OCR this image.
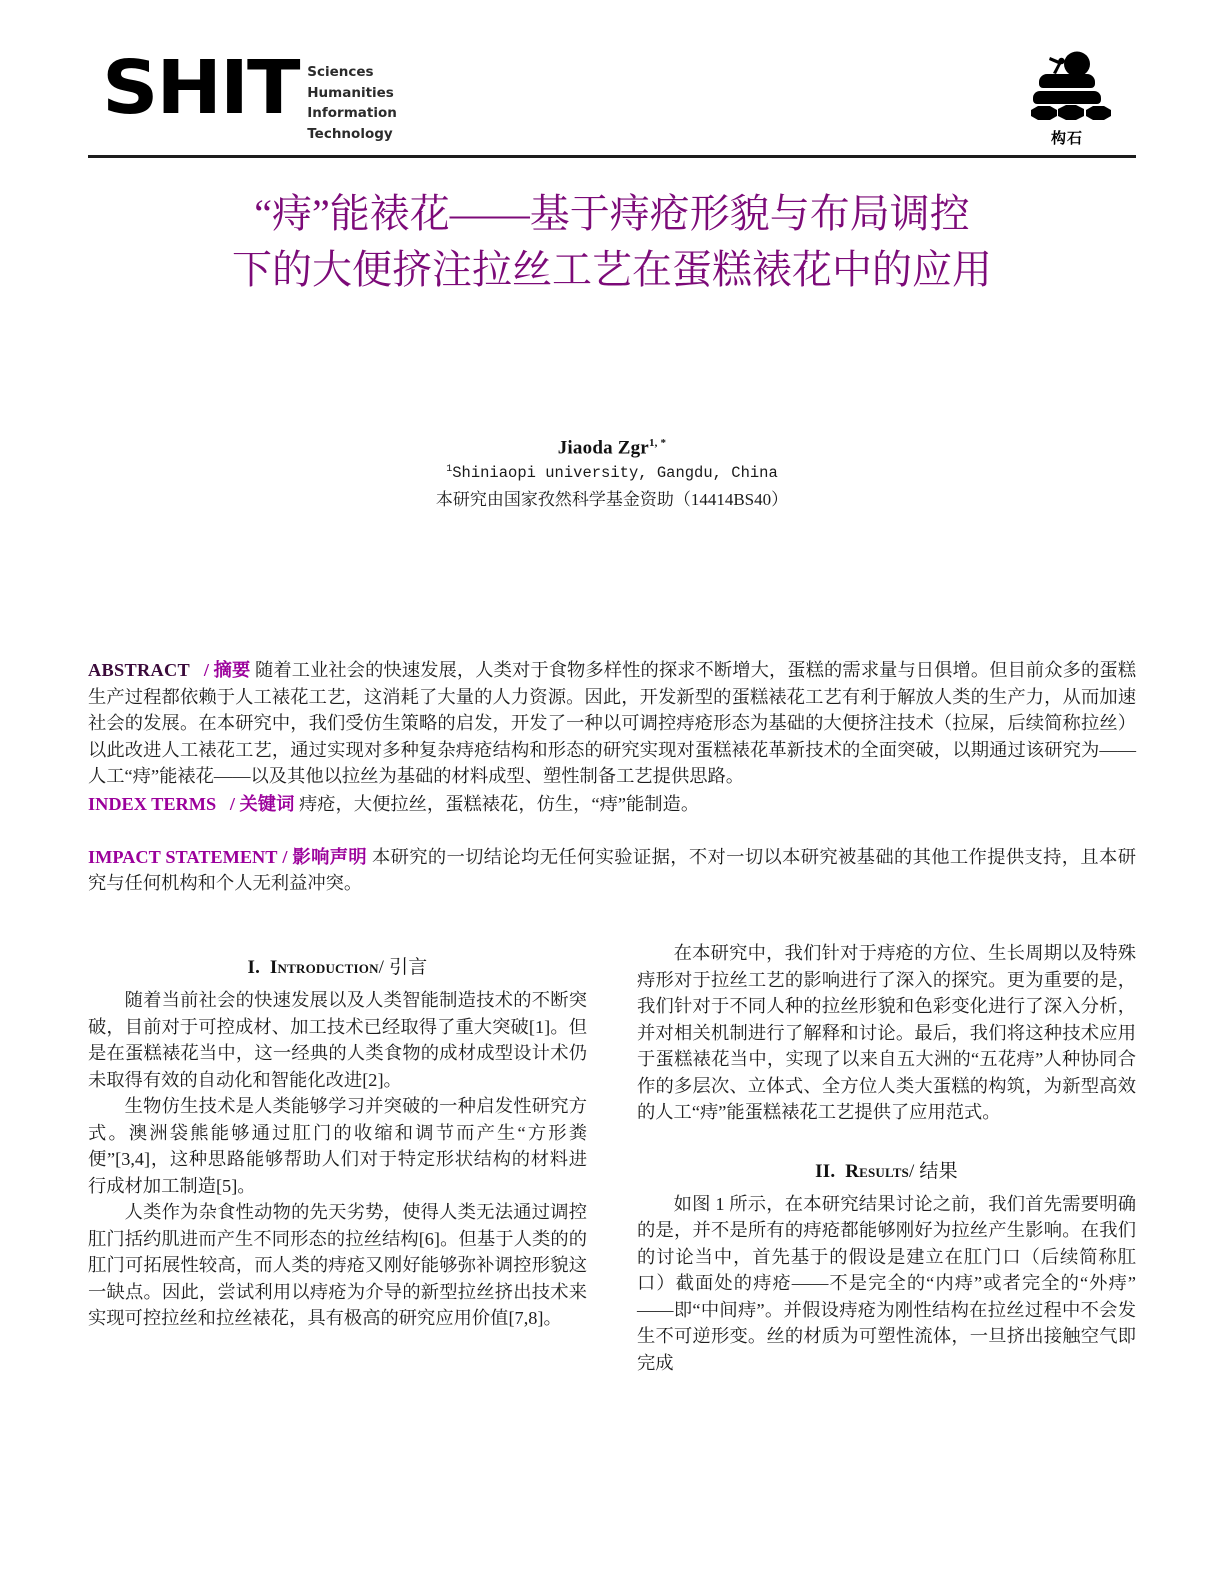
SHIT Sciences
Humanities
Information
Technology	构石
“痔”能裱花——基于痔疮形貌与布局调控
下的大便挤注拉丝工艺在蛋糕裱花中的应用
Jiaoda Zgr$^{1, *}$
$^1$Shiniaopi university, Gangdu, China
本研究由国家孜然科学基金资助（14414BS40）

ABSTRACT / 摘要 随着工业社会的快速发展，人类对于食物多样性的探求不断增大，蛋糕的需求量与日俱增。但目前众多的蛋糕生产过程都依赖于人工裱花工艺，这消耗了大量的人力资源。因此，开发新型的蛋糕裱花工艺有利于解放人类的生产力，从而加速社会的发展。在本研究中，我们受仿生策略的启发，开发了一种以可调控痔疮形态为基础的大便挤注技术（拉屎，后续简称拉丝）以此改进人工裱花工艺，通过实现对多种复杂痔疮结构和形态的研究实现对蛋糕裱花革新技术的全面突破，以期通过该研究为——人工“痔”能裱花——以及其他以拉丝为基础的材料成型、塑性制备工艺提供思路。

INDEX TERMS / 关键词 痔疮，大便拉丝，蛋糕裱花，仿生，“痔”能制造。

IMPACT STATEMENT / 影响声明 本研究的一切结论均无任何实验证据，不对一切以本研究被基础的其他工作提供支持，且本研究与任何机构和个人无利益冲突。

I. Introduction/ 引言

随着当前社会的快速发展以及人类智能制造技术的不断突破，目前对于可控成材、加工技术已经取得了重大突破[1]。但是在蛋糕裱花当中，这一经典的人类食物的成材成型设计术仍未取得有效的自动化和智能化改进[2]。

生物仿生技术是人类能够学习并突破的一种启发性研究方式。澳洲袋熊能够通过肛门的收缩和调节而产生“方形粪便”[3,4]，这种思路能够帮助人们对于特定形状结构的材料进行成材加工制造[5]。

人类作为杂食性动物的先天劣势，使得人类无法通过调控肛门括约肌进而产生不同形态的拉丝结构[6]。但基于人类的的肛门可拓展性较高，而人类的痔疮又刚好能够弥补调控形貌这一缺点。因此，尝试利用以痔疮为介导的新型拉丝挤出技术来实现可控拉丝和拉丝裱花，具有极高的研究应用价值[7,8]。

在本研究中，我们针对于痔疮的方位、生长周期以及特殊痔形对于拉丝工艺的影响进行了深入的探究。更为重要的是，我们针对于不同人种的拉丝形貌和色彩变化进行了深入分析，并对相关机制进行了解释和讨论。最后，我们将这种技术应用于蛋糕裱花当中，实现了以来自五大洲的“五花痔”人种协同合作的多层次、立体式、全方位人类大蛋糕的构筑，为新型高效的人工“痔”能蛋糕裱花工艺提供了应用范式。

II. Results/ 结果

如图 1 所示，在本研究结果讨论之前，我们首先需要明确的是，并不是所有的痔疮都能够刚好为拉丝产生影响。在我们的讨论当中，首先基于的假设是建立在肛门口（后续简称肛口）截面处的痔疮——不是完全的“内痔”或者完全的“外痔” ——即“中间痔”。并假设痔疮为刚性结构在拉丝过程中不会发生不可逆形变。丝的材质为可塑性流体，一旦挤出接触空气即完成
